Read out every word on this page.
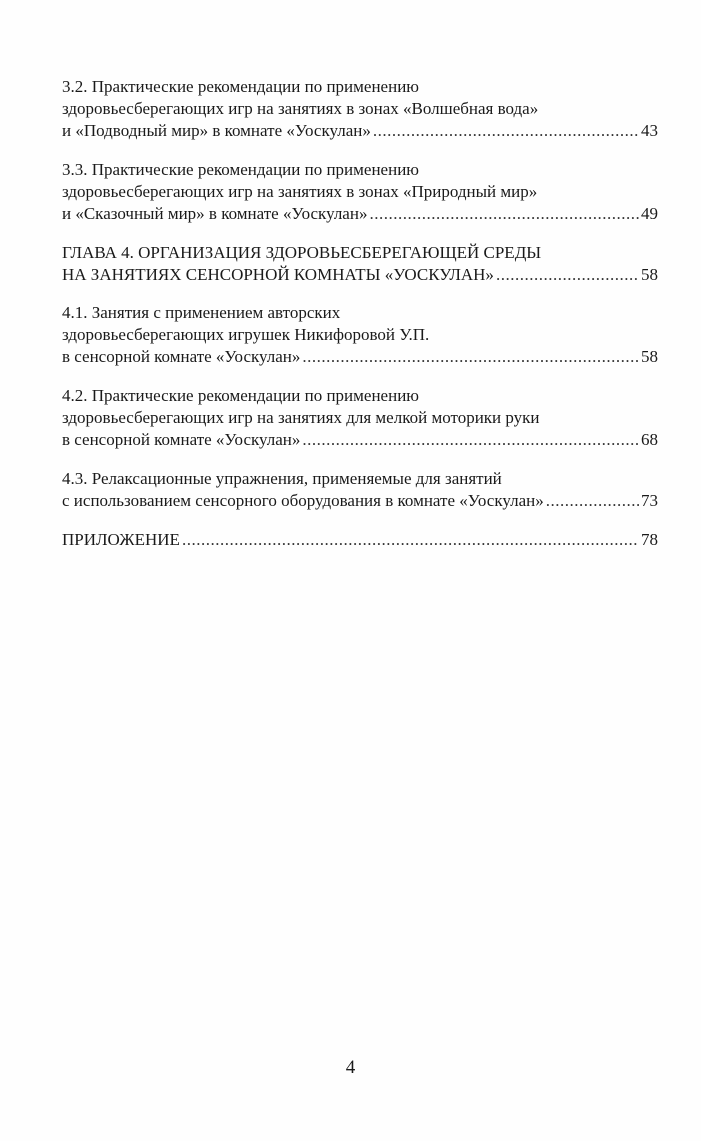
3.2. Практические рекомендации по применению
здоровьесберегающих игр на занятиях в зонах «Волшебная вода»
и «Подводный мир» в комнате «Уоскулан» .....	43
3.3. Практические рекомендации по применению
здоровьесберегающих игр на занятиях в зонах «Природный мир»
и «Сказочный мир» в комнате «Уоскулан» .....	49
ГЛАВА 4. ОРГАНИЗАЦИЯ ЗДОРОВЬЕСБЕРЕГАЮЩЕЙ СРЕДЫ
НА ЗАНЯТИЯХ СЕНСОРНОЙ КОМНАТЫ «УОСКУЛАН» .....	58
4.1. Занятия с применением авторских
здоровьесберегающих игрушек Никифоровой У.П.
в сенсорной комнате «Уоскулан» .....	58
4.2. Практические рекомендации по применению
здоровьесберегающих игр на занятиях для мелкой моторики руки
в сенсорной комнате «Уоскулан» .....	68
4.3. Релаксационные упражнения, применяемые для занятий
с использованием сенсорного оборудования в комнате «Уоскулан» .....	73
ПРИЛОЖЕНИЕ .....	78
4
